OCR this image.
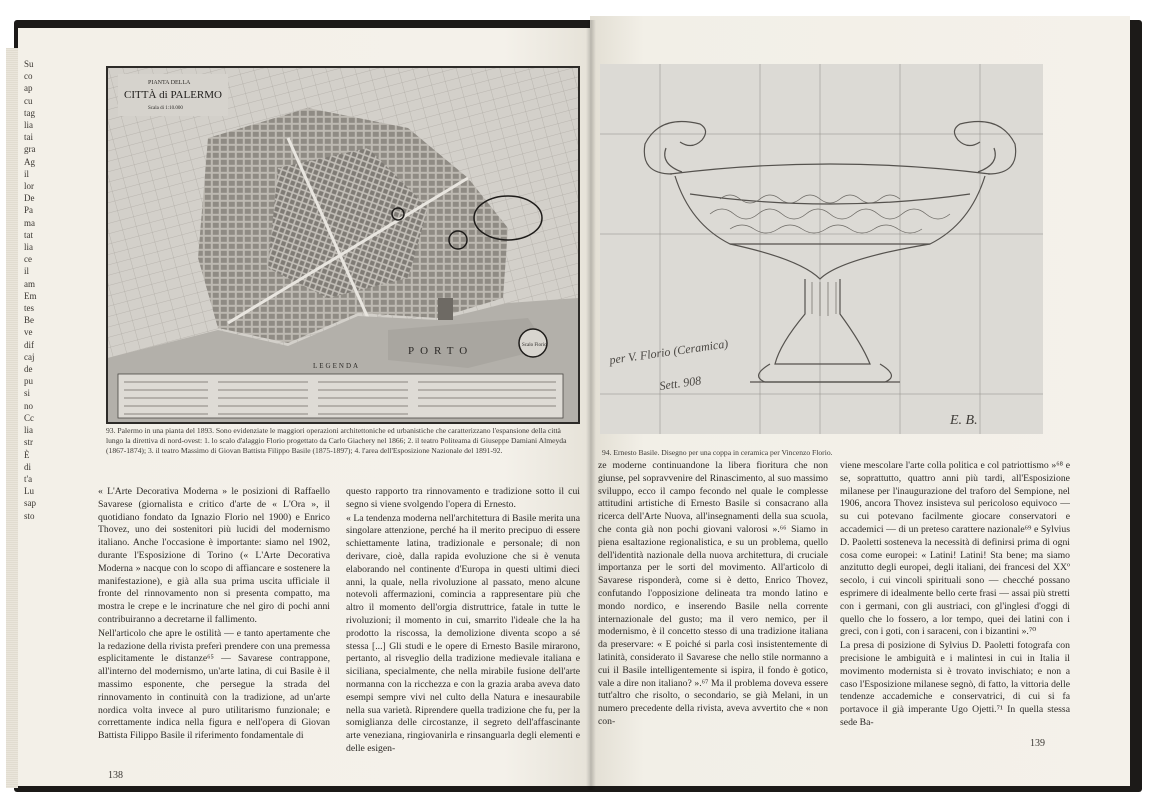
Su
co
ap
cu
tag
lia
tai
gra
Ag
il
lor
De
Pa
ma
tat
lia
ce
il
am
Em
tes
Be
ve
dif
caj
de
pu
si
no
Cc
lia
str
È
di
t'a
Lu
sap
sto
PORTO	Scalo Florio
PIANTA DELLA
CITTÀ di PALERMO
Scala di 1:10.000
LEGENDA
93. Palermo in una pianta del 1893. Sono evidenziate le maggiori operazioni architettoniche ed urbanistiche che caratterizzano l'espansione della città lungo la direttiva di nord-ovest: 1. lo scalo d'alaggio Florio progettato da Carlo Giachery nel 1866; 2. il teatro Politeama di Giuseppe Damiani Almeyda (1867-1874); 3. il teatro Massimo di Giovan Battista Filippo Basile (1875-1897); 4. l'area dell'Esposizione Nazionale del 1891-92.

« L'Arte Decorativa Moderna » le posizioni di Raffaello Savarese (giornalista e critico d'arte de « L'Ora », il quotidiano fondato da Ignazio Florio nel 1900) e Enrico Thovez, uno dei sostenitori più lucidi del modernismo italiano. Anche l'occasione è importante: siamo nel 1902, durante l'Esposizione di Torino (« L'Arte Decorativa Moderna » nacque con lo scopo di affiancare e sostenere la manifestazione), e già alla sua prima uscita ufficiale il fronte del rinnovamento non si presenta compatto, ma mostra le crepe e le incrinature che nel giro di pochi anni contribuiranno a decretarne il fallimento.

Nell'articolo che apre le ostilità — e tanto apertamente che la redazione della rivista preferì prendere con una premessa esplicitamente le distanze⁶⁵ — Savarese contrappone, all'interno del modernismo, un'arte latina, di cui Basile è il massimo esponente, che persegue la strada del rinnovamento in continuità con la tradizione, ad un'arte nordica volta invece al puro utilitarismo funzionale; e correttamente indica nella figura e nell'opera di Giovan Battista Filippo Basile il riferimento fondamentale di

questo rapporto tra rinnovamento e tradizione sotto il cui segno si viene svolgendo l'opera di Ernesto.

« La tendenza moderna nell'architettura di Basile merita una singolare attenzione, perché ha il merito precipuo di essere schiettamente latina, tradizionale e personale; di non derivare, cioè, dalla rapida evoluzione che si è venuta elaborando nel continente d'Europa in questi ultimi dieci anni, la quale, nella rivoluzione al passato, meno alcune notevoli affermazioni, comincia a rappresentare più che altro il momento dell'orgia distruttrice, fatale in tutte le rivoluzioni; il momento in cui, smarrito l'ideale che la ha prodotto la riscossa, la demolizione diventa scopo a sé stessa [...] Gli studi e le opere di Ernesto Basile mirarono, pertanto, al risveglio della tradizione medievale italiana e siciliana, specialmente, che nella mirabile fusione dell'arte normanna con la ricchezza e con la grazia araba aveva dato esempi sempre vivi nel culto della Natura e inesaurabile nella sua varietà. Riprendere quella tradizione che fu, per la somiglianza delle circostanze, il segreto dell'affascinante arte veneziana, ringiovanirla e rinsanguarla degli elementi e delle esigen-

138
per V. Florio (Ceramica)
Sett. 908
E. B.
94. Ernesto Basile. Disegno per una coppa in ceramica per Vincenzo Florio.

ze moderne continuandone la libera fioritura che non giunse, pel sopravvenire del Rinascimento, al suo massimo sviluppo, ecco il campo fecondo nel quale le complesse attitudini artistiche di Ernesto Basile si consacrano alla ricerca dell'Arte Nuova, all'insegnamenti della sua scuola, che conta già non pochi giovani valorosi ».⁶⁶ Siamo in piena esaltazione regionalistica, e su un problema, quello dell'identità nazionale della nuova architettura, di cruciale importanza per le sorti del movimento. All'articolo di Savarese risponderà, come si è detto, Enrico Thovez, confutando l'opposizione delineata tra mondo latino e mondo nordico, e inserendo Basile nella corrente internazionale del gusto; ma il vero nemico, per il modernismo, è il concetto stesso di una tradizione italiana da preservare: « E poiché si parla così insistentemente di latinità, considerato il Savarese che nello stile normanno a cui il Basile intelligentemente si ispira, il fondo è gotico, vale a dire non italiano? ».⁶⁷ Ma il problema doveva essere tutt'altro che risolto, o secondario, se già Melani, in un numero precedente della rivista, aveva avvertito che « non con-

viene mescolare l'arte colla politica e col patriottismo »⁶⁸ e se, soprattutto, quattro anni più tardi, all'Esposizione milanese per l'inaugurazione del traforo del Sempione, nel 1906, ancora Thovez insisteva sul pericoloso equivoco — su cui potevano facilmente giocare conservatori e accademici — di un preteso carattere nazionale⁶⁹ e Sylvius D. Paoletti sosteneva la necessità di definirsi prima di ogni cosa come europei: « Latini! Latini! Sta bene; ma siamo anzitutto degli europei, degli italiani, dei francesi del XXº secolo, i cui vincoli spirituali sono — checché possano esprimere di idealmente bello certe frasi — assai più stretti con i germani, con gli austriaci, con gl'inglesi d'oggi di quello che lo fossero, a lor tempo, quei dei latini con i greci, con i goti, con i saraceni, con i bizantini ».⁷⁰

La presa di posizione di Sylvius D. Paoletti fotografa con precisione le ambiguità e i malintesi in cui in Italia il movimento modernista si è trovato invischiato; e non a caso l'Esposizione milanese segnò, di fatto, la vittoria delle tendenze accademiche e conservatrici, di cui si fa portavoce il già imperante Ugo Ojetti.⁷¹ In quella stessa sede Ba-

139
